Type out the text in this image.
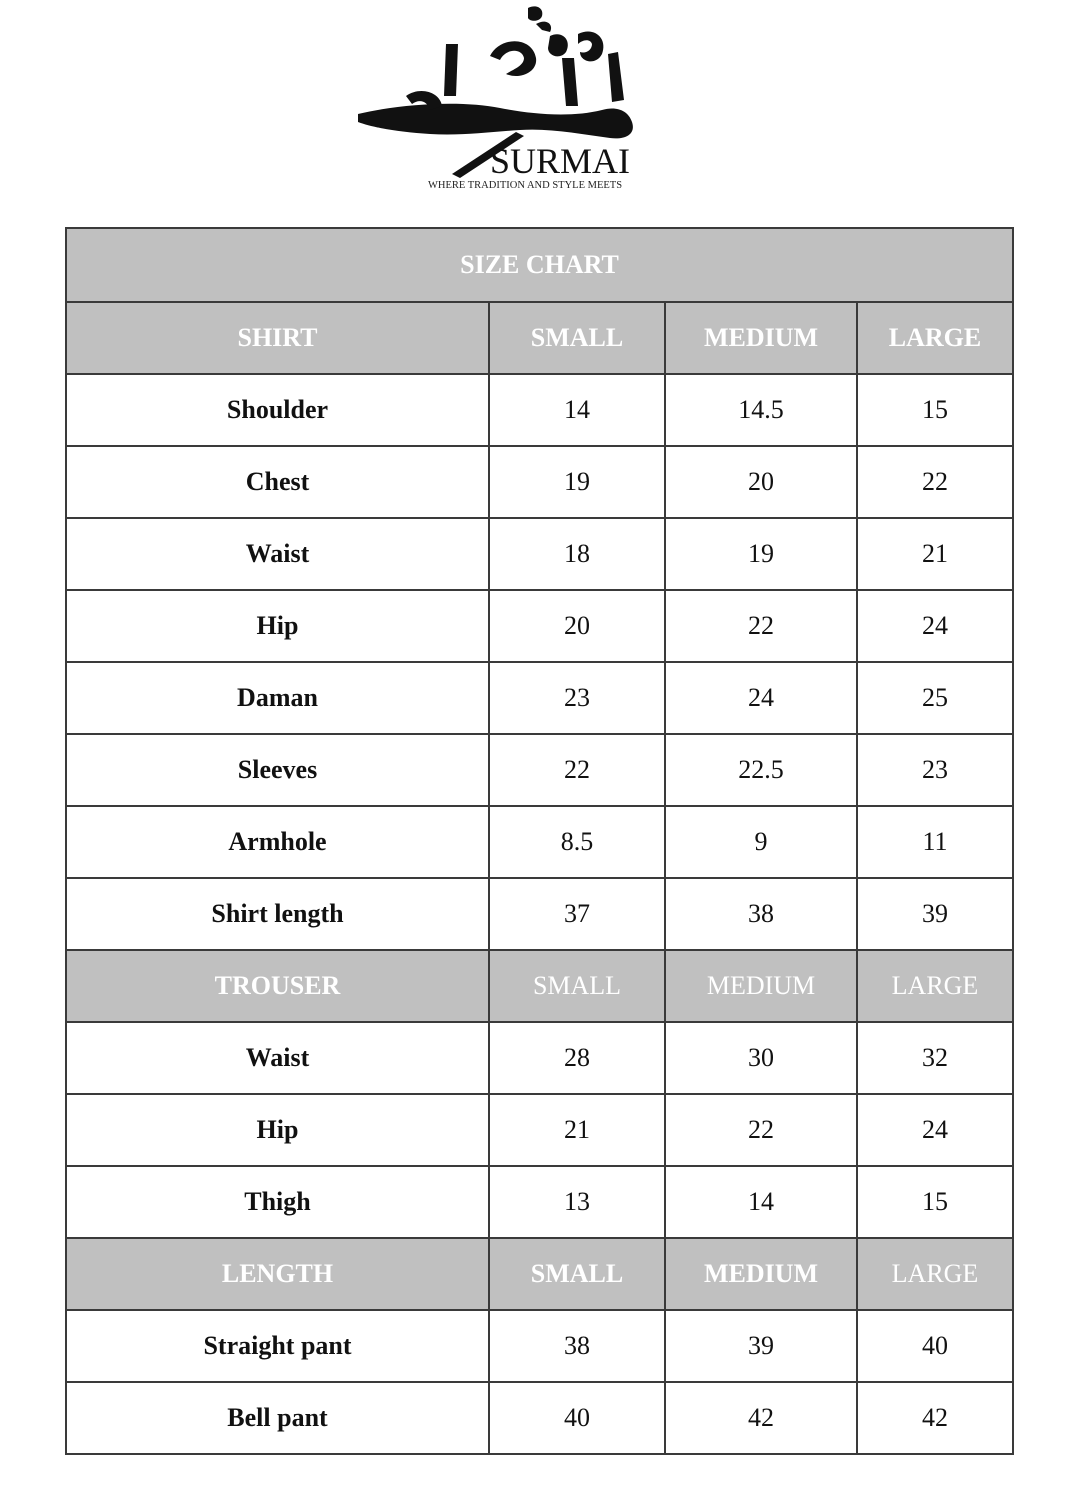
SURMAI
WHERE TRADITION AND STYLE MEETS
SIZE CHART			
SHIRT	SMALL	MEDIUM	LARGE
Shoulder	14	14.5	15
Chest	19	20	22
Waist	18	19	21
Hip	20	22	24
Daman	23	24	25
Sleeves	22	22.5	23
Armhole	8.5	9	11
Shirt length	37	38	39
TROUSER	SMALL	MEDIUM	LARGE
Waist	28	30	32
Hip	21	22	24
Thigh	13	14	15
LENGTH	SMALL	MEDIUM	LARGE
Straight pant	38	39	40
Bell pant	40	42	42
